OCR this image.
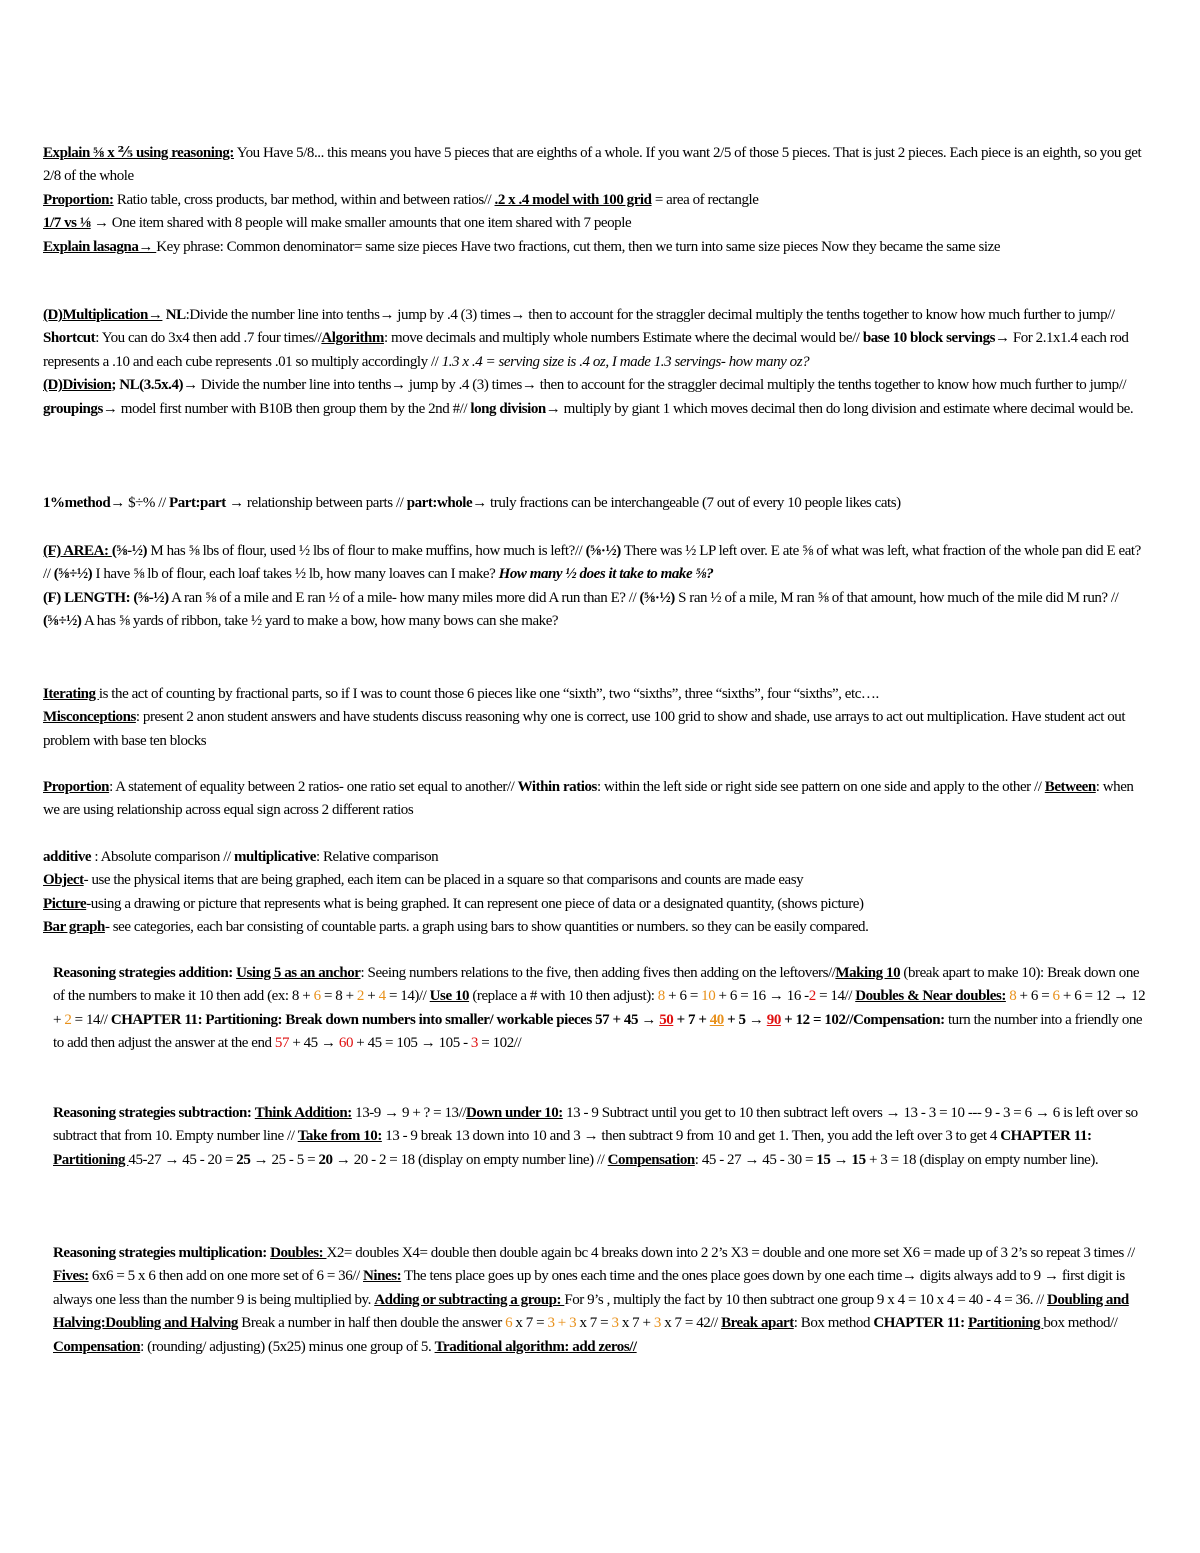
Explain ⅝ x ⅖ using reasoning: You Have 5/8... this means you have 5 pieces that are eighths of a whole. If you want 2/5 of those 5 pieces. That is just 2 pieces. Each piece is an eighth, so you get 2/8 of the whole

Proportion: Ratio table, cross products, bar method, within and between ratios// .2 x .4 model with 100 grid = area of rectangle

1/7 vs ⅛ → One item shared with 8 people will make smaller amounts that one item shared with 7 people

Explain lasagna→ Key phrase: Common denominator= same size pieces Have two fractions, cut them, then we turn into same size pieces Now they became the same size

(D)Multiplication→ NL:Divide the number line into tenths→ jump by .4 (3) times→ then to account for the straggler decimal multiply the tenths together to know how much further to jump// Shortcut: You can do 3x4 then add .7 four times//Algorithm: move decimals and multiply whole numbers Estimate where the decimal would be// base 10 block servings→ For 2.1x1.4 each rod represents a .10 and each cube represents .01 so multiply accordingly // 1.3 x .4 = serving size is .4 oz, I made 1.3 servings- how many oz?

(D)Division; NL(3.5x.4)→ Divide the number line into tenths→ jump by .4 (3) times→ then to account for the straggler decimal multiply the tenths together to know how much further to jump// groupings→ model first number with B10B then group them by the 2nd #// long division→ multiply by giant 1 which moves decimal then do long division and estimate where decimal would be.

1%method→ $÷% // Part:part → relationship between parts // part:whole→ truly fractions can be interchangeable (7 out of every 10 people likes cats)

(F) AREA: (⅝-½) M has ⅝ lbs of flour, used ½ lbs of flour to make muffins, how much is left?// (⅝·½) There was ½ LP left over. E ate ⅝ of what was left, what fraction of the whole pan did E eat? // (⅝÷½) I have ⅝ lb of flour, each loaf takes ½ lb, how many loaves can I make? How many ½ does it take to make ⅝?

(F) LENGTH: (⅝-½) A ran ⅝ of a mile and E ran ½ of a mile- how many miles more did A run than E? // (⅝·½) S ran ½ of a mile, M ran ⅝ of that amount, how much of the mile did M run? // (⅝÷½) A has ⅝ yards of ribbon, take ½ yard to make a bow, how many bows can she make?

Iterating is the act of counting by fractional parts, so if I was to count those 6 pieces like one “sixth”, two “sixths”, three “sixths”, four “sixths”, etc….

Misconceptions: present 2 anon student answers and have students discuss reasoning why one is correct, use 100 grid to show and shade, use arrays to act out multiplication. Have student act out problem with base ten blocks

Proportion: A statement of equality between 2 ratios- one ratio set equal to another// Within ratios: within the left side or right side see pattern on one side and apply to the other // Between: when we are using relationship across equal sign across 2 different ratios

additive : Absolute comparison // multiplicative: Relative comparison

Object- use the physical items that are being graphed, each item can be placed in a square so that comparisons and counts are made easy

Picture-using a drawing or picture that represents what is being graphed. It can represent one piece of data or a designated quantity, (shows picture)

Bar graph- see categories, each bar consisting of countable parts. a graph using bars to show quantities or numbers. so they can be easily compared.

Reasoning strategies addition: Using 5 as an anchor: Seeing numbers relations to the five, then adding fives then adding on the leftovers//Making 10 (break apart to make 10): Break down one of the numbers to make it 10 then add (ex: 8 + 6 = 8 + 2 + 4 = 14)// Use 10 (replace a # with 10 then adjust): 8 + 6 = 10 + 6 = 16 → 16 -2 = 14// Doubles & Near doubles: 8 + 6 = 6 + 6 = 12 → 12 + 2 = 14// CHAPTER 11: Partitioning: Break down numbers into smaller/ workable pieces 57 + 45 → 50 + 7 + 40 + 5 → 90 + 12 = 102//Compensation: turn the number into a friendly one to add then adjust the answer at the end 57 + 45 → 60 + 45 = 105 → 105 - 3 = 102//

Reasoning strategies subtraction: Think Addition: 13-9 → 9 + ? = 13//Down under 10: 13 - 9 Subtract until you get to 10 then subtract left overs → 13 - 3 = 10 --- 9 - 3 = 6 → 6 is left over so subtract that from 10. Empty number line // Take from 10: 13 - 9 break 13 down into 10 and 3 → then subtract 9 from 10 and get 1. Then, you add the left over 3 to get 4 CHAPTER 11: Partitioning 45-27 → 45 - 20 = 25 → 25 - 5 = 20 → 20 - 2 = 18 (display on empty number line) // Compensation: 45 - 27 → 45 - 30 = 15 → 15 + 3 = 18 (display on empty number line).

Reasoning strategies multiplication: Doubles: X2= doubles X4= double then double again bc 4 breaks down into 2 2’s X3 = double and one more set X6 = made up of 3 2’s so repeat 3 times // Fives: 6x6 = 5 x 6 then add on one more set of 6 = 36// Nines: The tens place goes up by ones each time and the ones place goes down by one each time→ digits always add to 9 → first digit is always one less than the number 9 is being multiplied by. Adding or subtracting a group: For 9’s , multiply the fact by 10 then subtract one group 9 x 4 = 10 x 4 = 40 - 4 = 36. // Doubling and Halving:Doubling and Halving Break a number in half then double the answer 6 x 7 = 3 + 3 x 7 = 3 x 7 + 3 x 7 = 42// Break apart: Box method CHAPTER 11: Partitioning box method// Compensation: (rounding/ adjusting) (5x25) minus one group of 5. Traditional algorithm: add zeros//
